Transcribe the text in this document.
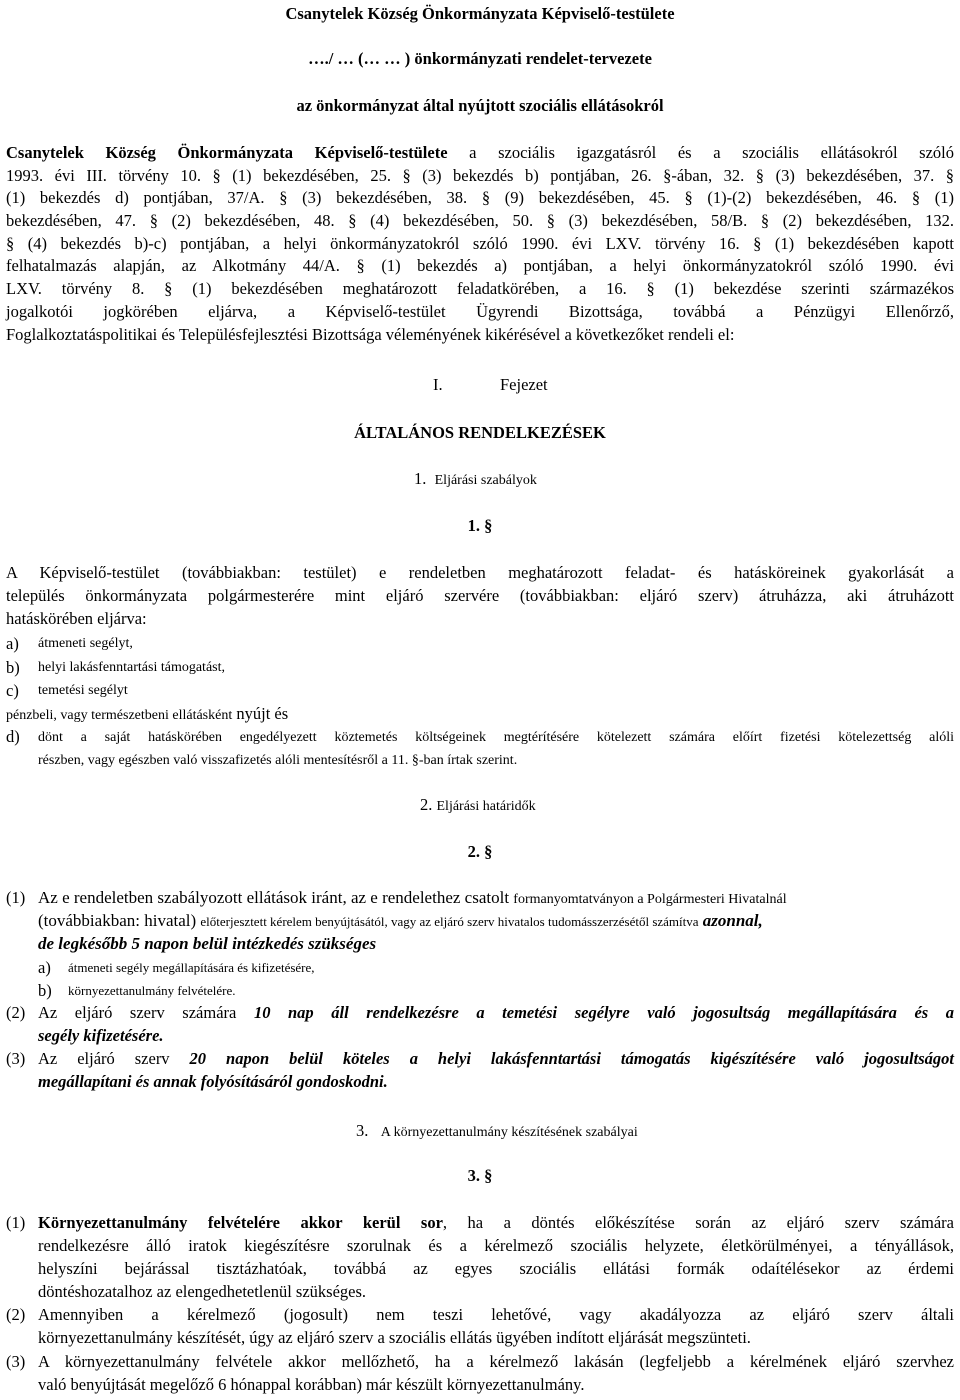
Csanytelek Község Önkormányzata Képviselő-testülete
…./ … (… … ) önkormányzati rendelet-tervezete
az önkormányzat által nyújtott szociális ellátásokról
Csanytelek Község Önkormányzata Képviselő-testülete a szociális igazgatásról és a szociális ellátásokról szóló
1993. évi III. törvény 10. § (1) bekezdésében, 25. § (3) bekezdés b) pontjában, 26. §-ában, 32. § (3) bekezdésében, 37. §
(1) bekezdés d) pontjában, 37/A. § (3) bekezdésében, 38. § (9) bekezdésében, 45. § (1)-(2) bekezdésében, 46. § (1)
bekezdésében, 47. § (2) bekezdésében, 48. § (4) bekezdésében, 50. § (3) bekezdésében, 58/B. § (2) bekezdésében, 132.
§ (4) bekezdés b)-c) pontjában, a helyi önkormányzatokról szóló 1990. évi LXV. törvény 16. § (1) bekezdésében kapott
felhatalmazás alapján, az Alkotmány 44/A. § (1) bekezdés a) pontjában, a helyi önkormányzatokról szóló 1990. évi
LXV. törvény 8. § (1) bekezdésében meghatározott feladatkörében, a 16. § (1) bekezdése szerinti származékos
jogalkotói jogkörében eljárva, a Képviselő-testület Ügyrendi Bizottsága, továbbá a Pénzügyi Ellenőrző,
Foglalkoztatáspolitikai és Településfejlesztési Bizottsága véleményének kikérésével a következőket rendeli el:
I.	Fejezet
ÁLTALÁNOS RENDELKEZÉSEK
1. Eljárási szabályok
1. §
A Képviselő-testület (továbbiakban: testület) e rendeletben meghatározott feladat- és hatásköreinek gyakorlását a
település önkormányzata polgármesterére mint eljáró szervére (továbbiakban: eljáró szerv) átruházza, aki átruházott
hatáskörében eljárva:
a) átmeneti segélyt,
b) helyi lakásfenntartási támogatást,
c) temetési segélyt
pénzbeli, vagy természetbeni ellátásként nyújt és
d) dönt a saját hatáskörében engedélyezett köztemetés költségeinek megtérítésére kötelezett számára előírt fizetési kötelezettség alóli
részben, vagy egészben való visszafizetés alóli mentesítésről a 11. §-ban írtak szerint.
2. Eljárási határidők
2. §
(1) Az e rendeletben szabályozott ellátások iránt, az e rendelethez csatolt formanyomtatványon a Polgármesteri Hivatalnál
(továbbiakban: hivatal) előterjesztett kérelem benyújtásától, vagy az eljáró szerv hivatalos tudomásszerzésétől számítva azonnal,
de legkésőbb 5 napon belül intézkedés szükséges
a) átmeneti segély megállapítására és kifizetésére,
b) környezettanulmány felvételére.
(2) Az eljáró szerv számára 10 nap áll rendelkezésre a temetési segélyre való jogosultság megállapítására és a
segély kifizetésére.
(3) Az eljáró szerv 20 napon belül köteles a helyi lakásfenntartási támogatás kigészítésére való jogosultságot
megállapítani és annak folyósításáról gondoskodni.
3. A környezettanulmány készítésének szabályai
3. §
(1) Környezettanulmány felvételére akkor kerül sor, ha a döntés előkészítése során az eljáró szerv számára
rendelkezésre álló iratok kiegészítésre szorulnak és a kérelmező szociális helyzete, életkörülményei, a tényállások,
helyszíni bejárással tisztázhatóak, továbbá az egyes szociális ellátási formák odaítélésekor az érdemi
döntéshozatalhoz az elengedhetetlenül szükséges.
(2) Amennyiben a kérelmező (jogosult) nem teszi lehetővé, vagy akadályozza az eljáró szerv általi
környezettanulmány készítését, úgy az eljáró szerv a szociális ellátás ügyében indított eljárását megszünteti.
(3) A környezettanulmány felvétele akkor mellőzhető, ha a kérelmező lakásán (legfeljebb a kérelmének eljáró szervhez
való benyújtását megelőző 6 hónappal korábban) már készült környezettanulmány.
